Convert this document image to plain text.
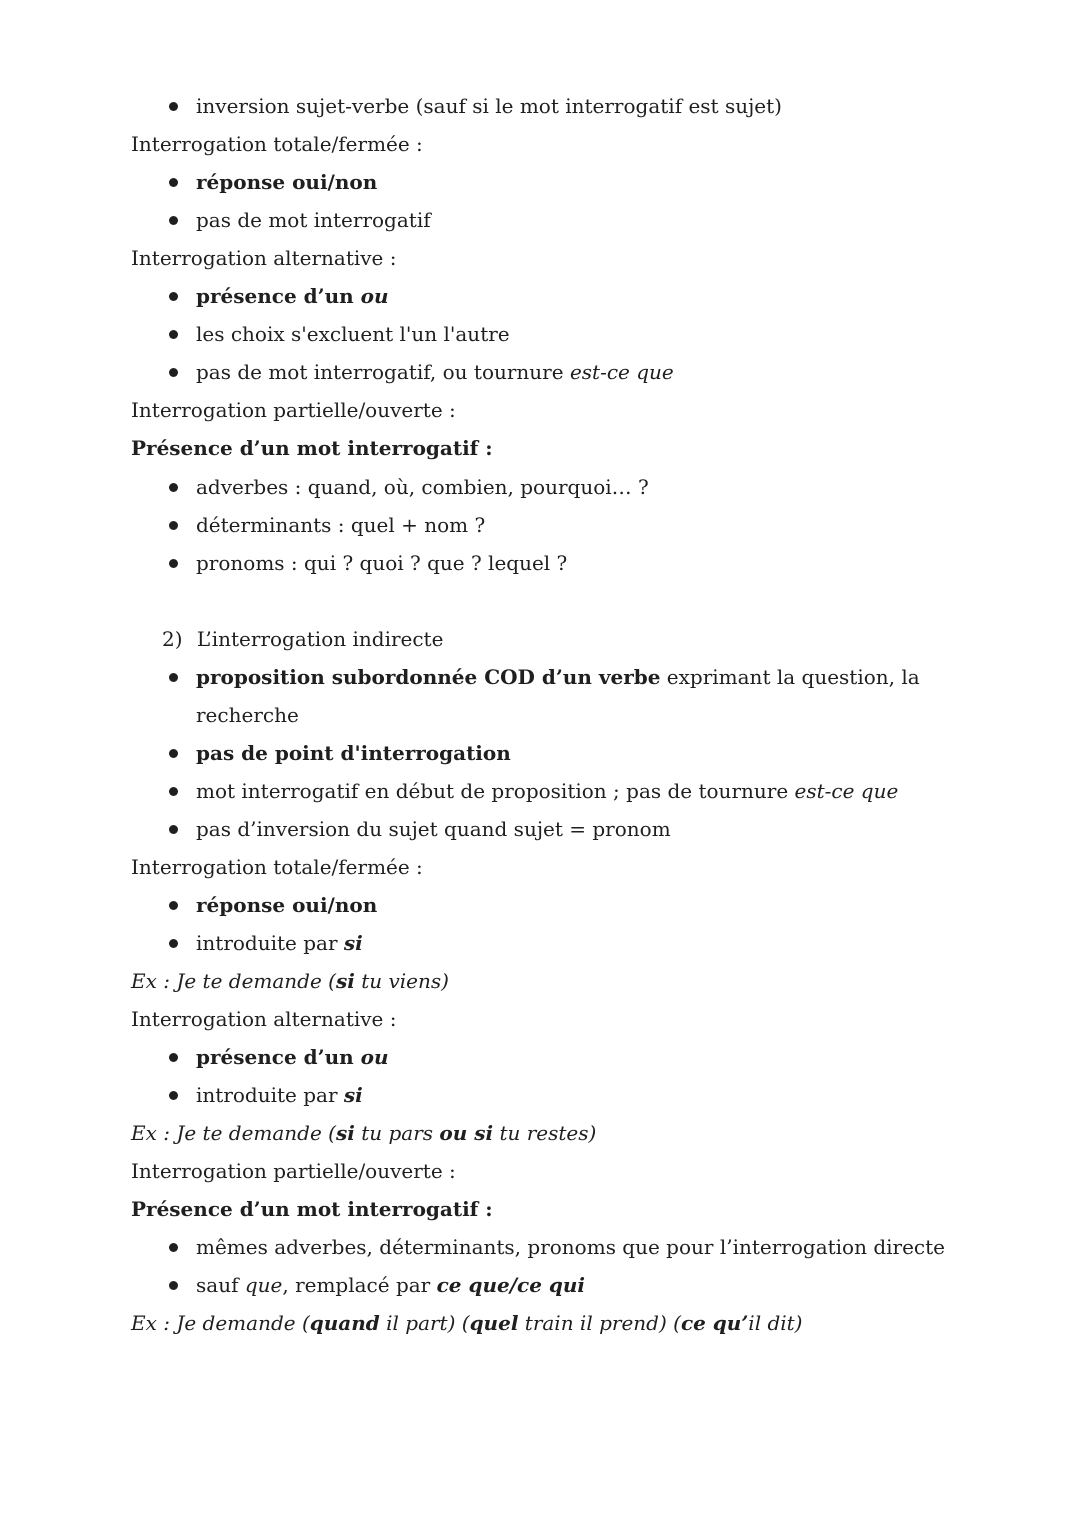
inversion sujet-verbe (sauf si le mot interrogatif est sujet)
Interrogation totale/fermée :
réponse oui/non
pas de mot interrogatif
Interrogation alternative :
présence d’un ou
les choix s'excluent l'un l'autre
pas de mot interrogatif, ou tournure est-ce que
Interrogation partielle/ouverte :
Présence d’un mot interrogatif :
adverbes : quand, où, combien, pourquoi… ?
déterminants : quel + nom ?
pronoms : qui ? quoi ? que ? lequel ?
2) L’interrogation indirecte
proposition subordonnée COD d’un verbe exprimant la question, la
recherche
pas de point d'interrogation
mot interrogatif en début de proposition ; pas de tournure est-ce que
pas d’inversion du sujet quand sujet = pronom
Interrogation totale/fermée :
réponse oui/non
introduite par si
Ex : Je te demande (si tu viens)
Interrogation alternative :
présence d’un ou
introduite par si
Ex : Je te demande (si tu pars ou si tu restes)
Interrogation partielle/ouverte :
Présence d’un mot interrogatif :
mêmes adverbes, déterminants, pronoms que pour l’interrogation directe
sauf que, remplacé par ce que/ce qui
Ex : Je demande (quand il part) (quel train il prend) (ce qu’il dit)
